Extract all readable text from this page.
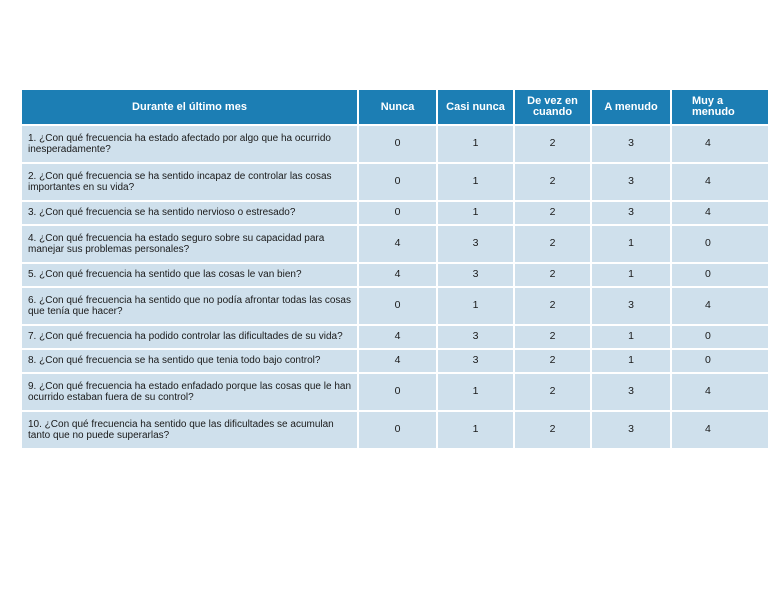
Durante el último mes	Nunca	Casi nunca	De vez en cuando	A menudo	Muy a menudo
1. ¿Con qué frecuencia ha estado afectado por algo que ha ocurrido inesperadamente?	0	1	2	3	4
2. ¿Con qué frecuencia se ha sentido incapaz de controlar las cosas importantes en su vida?	0	1	2	3	4
3. ¿Con qué frecuencia se ha sentido nervioso o estresado?	0	1	2	3	4
4. ¿Con qué frecuencia ha estado seguro sobre su capacidad para manejar sus problemas personales?	4	3	2	1	0
5. ¿Con qué frecuencia ha sentido que las cosas le van bien?	4	3	2	1	0
6. ¿Con qué frecuencia ha sentido que no podía afrontar todas las cosas que tenía que hacer?	0	1	2	3	4
7. ¿Con qué frecuencia ha podido controlar las dificultades de su vida?	4	3	2	1	0
8. ¿Con qué frecuencia se ha sentido que tenia todo bajo control?	4	3	2	1	0
9. ¿Con qué frecuencia ha estado enfadado porque las cosas que le han ocurrido estaban fuera de su control?	0	1	2	3	4
10. ¿Con qué frecuencia ha sentido que las dificultades se acumulan tanto que no puede superarlas?	0	1	2	3	4
